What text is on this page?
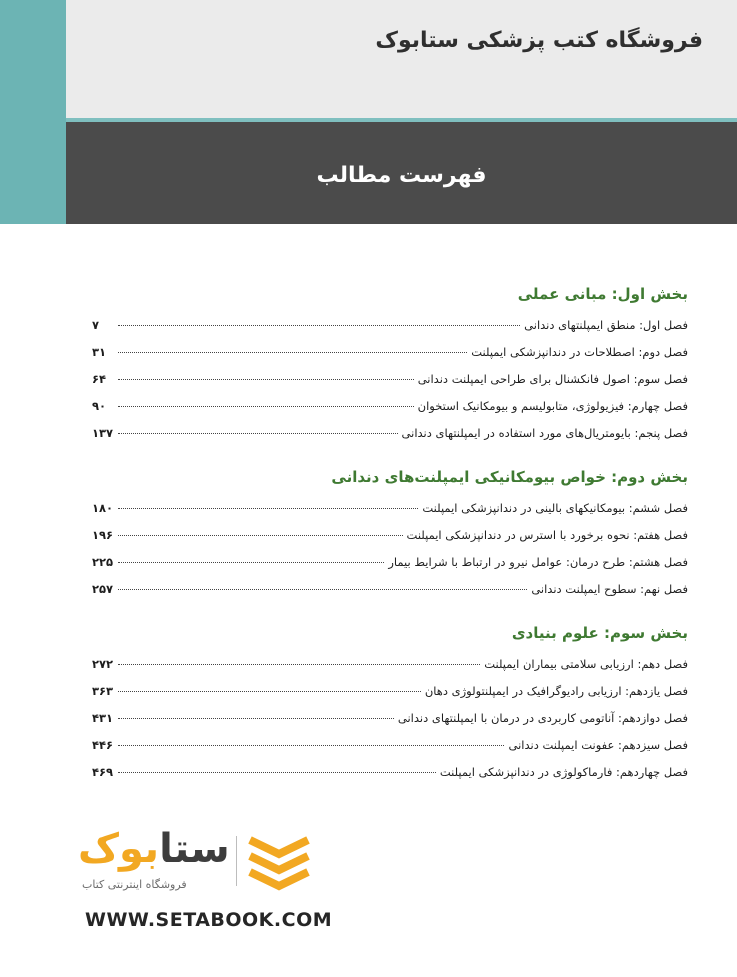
فروشگاه کتب پزشکی ستابوک
فهرست مطالب
بخش اول: مبانی عملی
فصل اول: منطق ایمپلنتهای دندانی
۷
فصل دوم: اصطلاحات در دندانپزشکی ایمپلنت
۳۱
فصل سوم: اصول فانکشنال برای طراحی ایمپلنت دندانی
۶۴
فصل چهارم: فیزیولوژی، متابولیسم و بیومکانیک استخوان
۹۰
فصل پنجم: بایومتریال‌های مورد استفاده در ایمپلنتهای دندانی
۱۳۷
بخش دوم: خواص بیومکانیکی ایمپلنت‌های دندانی
فصل ششم: بیومکانیکهای بالینی در دندانپزشکی ایمپلنت
۱۸۰
فصل هفتم: نحوه برخورد با استرس در دندانپزشکی ایمپلنت
۱۹۶
فصل هشتم: طرح درمان: عوامل نیرو در ارتباط با شرایط بیمار
۲۲۵
فصل نهم: سطوح ایمپلنت دندانی
۲۵۷
بخش سوم: علوم بنیادی
فصل دهم: ارزیابی سلامتی بیماران ایمپلنت
۲۷۲
فصل یازدهم: ارزیابی رادیوگرافیک در ایمپلنتولوژی دهان
۳۶۳
فصل دوازدهم: آناتومی کاربردی در درمان با ایمپلنتهای دندانی
۴۳۱
فصل سیزدهم: عفونت ایمپلنت دندانی
۴۴۶
فصل چهاردهم: فارماکولوژی در دندانپزشکی ایمپلنت
۴۶۹

ستابوک

فروشگاه اینترنتی کتاب

WWW.SETABOOK.COM
